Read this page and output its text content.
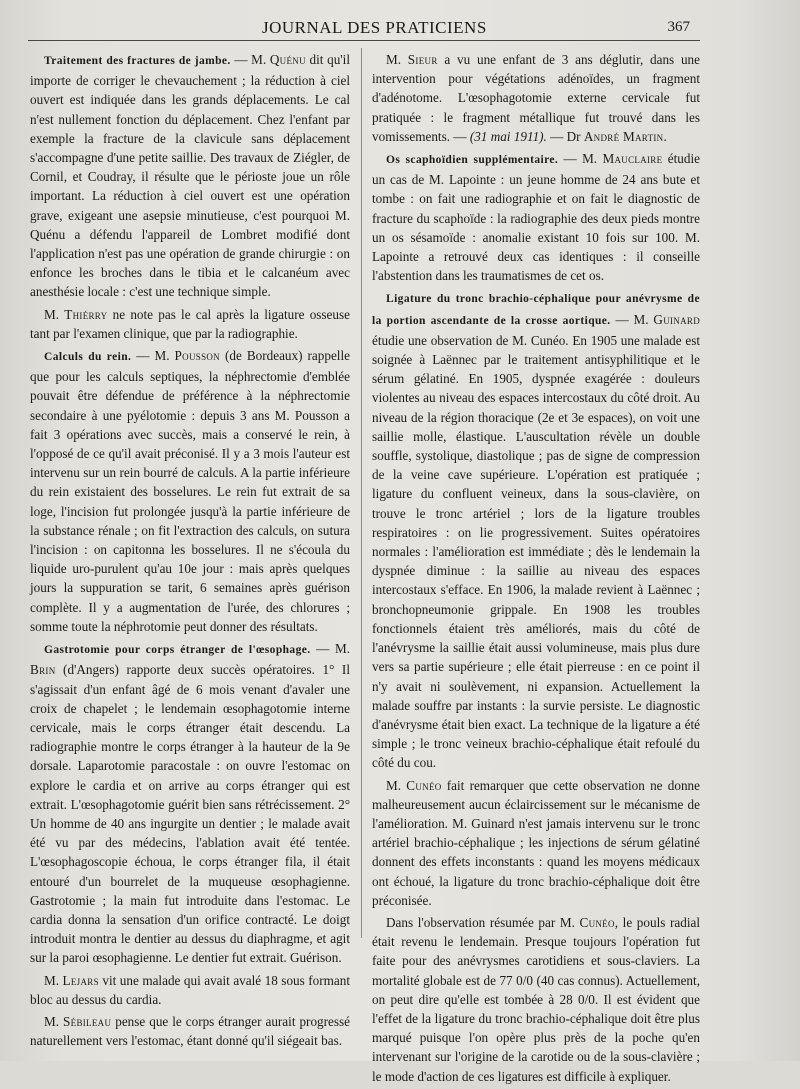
JOURNAL DES PRATICIENS	367

Traitement des fractures de jambe. — M. Quénu dit qu'il importe de corriger le chevauchement ; la réduction à ciel ouvert est indiquée dans les grands déplacements. Le cal n'est nullement fonction du déplacement. Chez l'enfant par exemple la fracture de la clavicule sans déplacement s'accompagne d'une petite saillie. Des travaux de Ziégler, de Cornil, et Coudray, il résulte que le périoste joue un rôle important. La réduction à ciel ouvert est une opération grave, exigeant une asepsie minutieuse, c'est pourquoi M. Quénu a défendu l'appareil de Lombret modifié dont l'application n'est pas une opération de grande chirurgie : on enfonce les broches dans le tibia et le calcanéum avec anesthésie locale : c'est une technique simple.

M. Thiérry ne note pas le cal après la ligature osseuse tant par l'examen clinique, que par la radiographie.

Calculs du rein. — M. Pousson (de Bordeaux) rappelle que pour les calculs septiques, la néphrectomie d'emblée pouvait être défendue de préférence à la néphrectomie secondaire à une pyélotomie : depuis 3 ans M. Pousson a fait 3 opérations avec succès, mais a conservé le rein, à l'opposé de ce qu'il avait préconisé. Il y a 3 mois l'auteur est intervenu sur un rein bourré de calculs. A la partie inférieure du rein existaient des bosselures. Le rein fut extrait de sa loge, l'incision fut prolongée jusqu'à la partie inférieure de la substance rénale ; on fit l'extraction des calculs, on sutura l'incision : on capitonna les bosselures. Il ne s'écoula du liquide uro-purulent qu'au 10e jour : mais après quelques jours la suppuration se tarit, 6 semaines après guérison complète. Il y a augmentation de l'urée, des chlorures ; somme toute la néphrotomie peut donner des résultats.

Gastrotomie pour corps étranger de l'œsophage. — M. Brin (d'Angers) rapporte deux succès opératoires. 1° Il s'agissait d'un enfant âgé de 6 mois venant d'avaler une croix de chapelet ; le lendemain œsophagotomie interne cervicale, mais le corps étranger était descendu. La radiographie montre le corps étranger à la hauteur de la 9e dorsale. Laparotomie paracostale : on ouvre l'estomac on explore le cardia et on arrive au corps étranger qui est extrait. L'œsophagotomie guérit bien sans rétrécissement. 2° Un homme de 40 ans ingurgite un dentier ; le malade avait été vu par des médecins, l'ablation avait été tentée. L'œsophagoscopie échoua, le corps étranger fila, il était entouré d'un bourrelet de la muqueuse œsophagienne. Gastrotomie ; la main fut introduite dans l'estomac. Le cardia donna la sensation d'un orifice contracté. Le doigt introduit montra le dentier au dessus du diaphragme, et agit sur la paroi œsophagienne. Le dentier fut extrait. Guérison.

M. Lejars vit une malade qui avait avalé 18 sous formant bloc au dessus du cardia.

M. Sébileau pense que le corps étranger aurait progressé naturellement vers l'estomac, étant donné qu'il siégeait bas.

M. Sieur a vu une enfant de 3 ans déglutir, dans une intervention pour végétations adénoïdes, un fragment d'adénotome. L'œsophagotomie externe cervicale fut pratiquée : le fragment métallique fut trouvé dans les vomissements. — (31 mai 1911). — Dr André Martin.

Os scaphoïdien supplémentaire. — M. Mauclaire étudie un cas de M. Lapointe : un jeune homme de 24 ans bute et tombe : on fait une radiographie et on fait le diagnostic de fracture du scaphoïde : la radiographie des deux pieds montre un os sésamoïde : anomalie existant 10 fois sur 100. M. Lapointe a retrouvé deux cas identiques : il conseille l'abstention dans les traumatismes de cet os.

Ligature du tronc brachio-céphalique pour anévrysme de la portion ascendante de la crosse aortique. — M. Guinard étudie une observation de M. Cunéo. En 1905 une malade est soignée à Laënnec par le traitement antisyphilitique et le sérum gélatiné. En 1905, dyspnée exagérée : douleurs violentes au niveau des espaces intercostaux du côté droit. Au niveau de la région thoracique (2e et 3e espaces), on voit une saillie molle, élastique. L'auscultation révèle un double souffle, systolique, diastolique ; pas de signe de compression de la veine cave supérieure. L'opération est pratiquée ; ligature du confluent veineux, dans la sous-clavière, on trouve le tronc artériel ; lors de la ligature troubles respiratoires : on lie progressivement. Suites opératoires normales : l'amélioration est immédiate ; dès le lendemain la dyspnée diminue : la saillie au niveau des espaces intercostaux s'efface. En 1906, la malade revient à Laënnec ; bronchopneumonie grippale. En 1908 les troubles fonctionnels étaient très améliorés, mais du côté de l'anévrysme la saillie était aussi volumineuse, mais plus dure vers sa partie supérieure ; elle était pierreuse : en ce point il n'y avait ni soulèvement, ni expansion. Actuellement la malade souffre par instants : la survie persiste. Le diagnostic d'anévrysme était bien exact. La technique de la ligature a été simple ; le tronc veineux brachio-céphalique était refoulé du côté du cou.

M. Cunéo fait remarquer que cette observation ne donne malheureusement aucun éclaircissement sur le mécanisme de l'amélioration. M. Guinard n'est jamais intervenu sur le tronc artériel brachio-céphalique ; les injections de sérum gélatiné donnent des effets inconstants : quand les moyens médicaux ont échoué, la ligature du tronc brachio-céphalique doit être préconisée.

Dans l'observation résumée par M. Cunéo, le pouls radial était revenu le lendemain. Presque toujours l'opération fut faite pour des anévrysmes carotidiens et sous-claviers. La mortalité globale est de 77 0/0 (40 cas connus). Actuellement, on peut dire qu'elle est tombée à 28 0/0. Il est évident que l'effet de la ligature du tronc brachio-céphalique doit être plus marqué puisque l'on opère plus près de la poche qu'en intervenant sur l'origine de la carotide ou de la sous-clavière ; le mode d'action de ces ligatures est difficile à expliquer.
